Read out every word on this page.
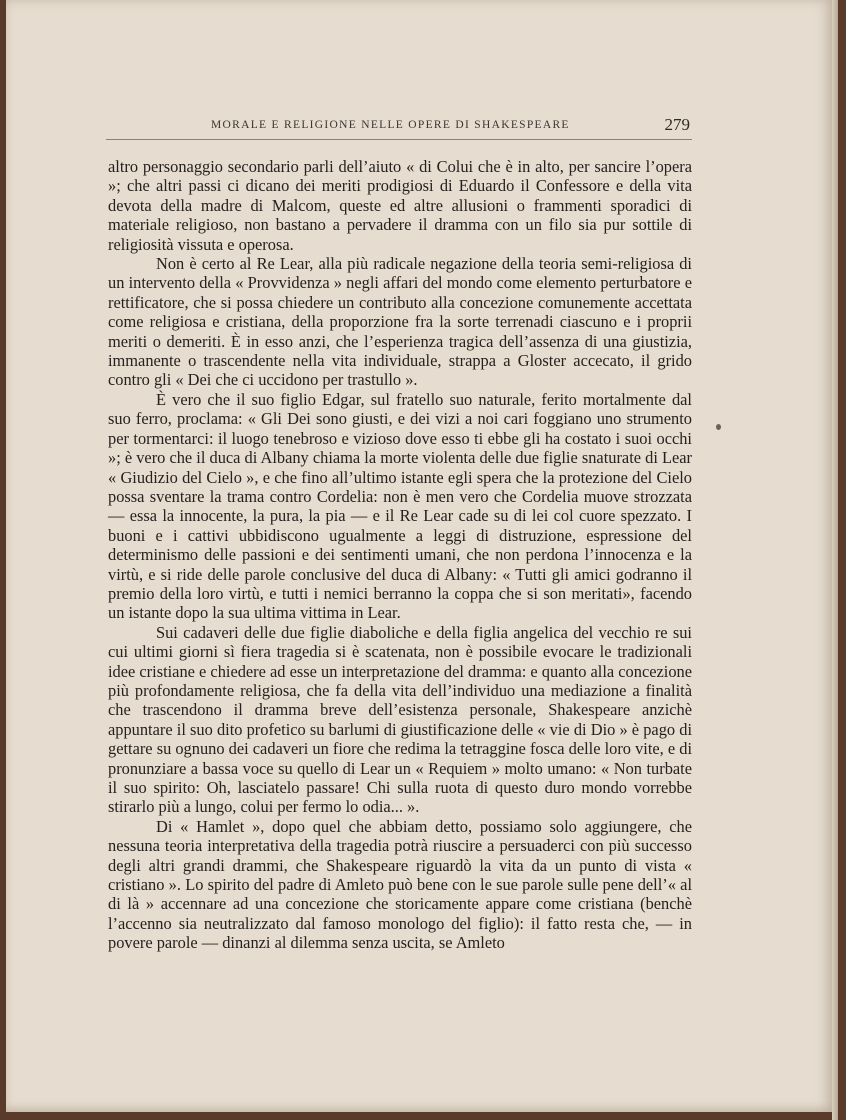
MORALE E RELIGIONE NELLE OPERE DI SHAKESPEARE	279

altro personaggio secondario parli dell’aiuto « di Colui che è in alto, per sancire l’opera »; che altri passi ci dicano dei meriti prodigiosi di Eduardo il Confessore e della vita devota della madre di Malcom, queste ed altre allusioni o frammenti sporadici di materiale religioso, non bastano a pervadere il dramma con un filo sia pur sottile di religiosità vissuta e operosa.

Non è certo al Re Lear, alla più radicale negazione della teoria semi-religiosa di un intervento della « Provvidenza » negli affari del mondo come elemento perturbatore e rettificatore, che si possa chiedere un contributo alla concezione comunemente accettata come religiosa e cristiana, della proporzione fra la sorte terrenadi ciascuno e i proprii meriti o demeriti. È in esso anzi, che l’esperienza tragica dell’assenza di una giustizia, immanente o trascendente nella vita individuale, strappa a Gloster accecato, il grido contro gli « Dei che ci uccidono per trastullo ».

È vero che il suo figlio Edgar, sul fratello suo naturale, ferito mortalmente dal suo ferro, proclama: « Gli Dei sono giusti, e dei vizi a noi cari foggiano uno strumento per tormentarci: il luogo tenebroso e vizioso dove esso ti ebbe gli ha costato i suoi occhi »; è vero che il duca di Albany chiama la morte violenta delle due figlie snaturate di Lear « Giudizio del Cielo », e che fino all’ultimo istante egli spera che la protezione del Cielo possa sventare la trama contro Cordelia: non è men vero che Cordelia muove strozzata — essa la innocente, la pura, la pia — e il Re Lear cade su di lei col cuore spezzato. I buoni e i cattivi ubbidiscono ugualmente a leggi di distruzione, espressione del determinismo delle passioni e dei sentimenti umani, che non perdona l’innocenza e la virtù, e si ride delle parole conclusive del duca di Albany: « Tutti gli amici godranno il premio della loro virtù, e tutti i nemici berranno la coppa che si son meritati», facendo un istante dopo la sua ultima vittima in Lear.

Sui cadaveri delle due figlie diaboliche e della figlia angelica del vecchio re sui cui ultimi giorni sì fiera tragedia si è scatenata, non è possibile evocare le tradizionali idee cristiane e chiedere ad esse un interpretazione del dramma: e quanto alla concezione più profondamente religiosa, che fa della vita dell’individuo una mediazione a finalità che trascendono il dramma breve dell’esistenza personale, Shakespeare anzichè appuntare il suo dito profetico su barlumi di giustificazione delle « vie di Dio » è pago di gettare su ognuno dei cadaveri un fiore che redima la tetraggine fosca delle loro vite, e di pronunziare a bassa voce su quello di Lear un « Requiem » molto umano: « Non turbate il suo spirito: Oh, lasciatelo passare! Chi sulla ruota di questo duro mondo vorrebbe stirarlo più a lungo, colui per fermo lo odia... ».

Di « Hamlet », dopo quel che abbiam detto, possiamo solo aggiungere, che nessuna teoria interpretativa della tragedia potrà riuscire a persuaderci con più successo degli altri grandi drammi, che Shakespeare riguardò la vita da un punto di vista « cristiano ». Lo spirito del padre di Amleto può bene con le sue parole sulle pene dell’« al di là » accennare ad una concezione che storicamente appare come cristiana (benchè l’accenno sia neutralizzato dal famoso monologo del figlio): il fatto resta che, — in povere parole — dinanzi al dilemma senza uscita, se Amleto
